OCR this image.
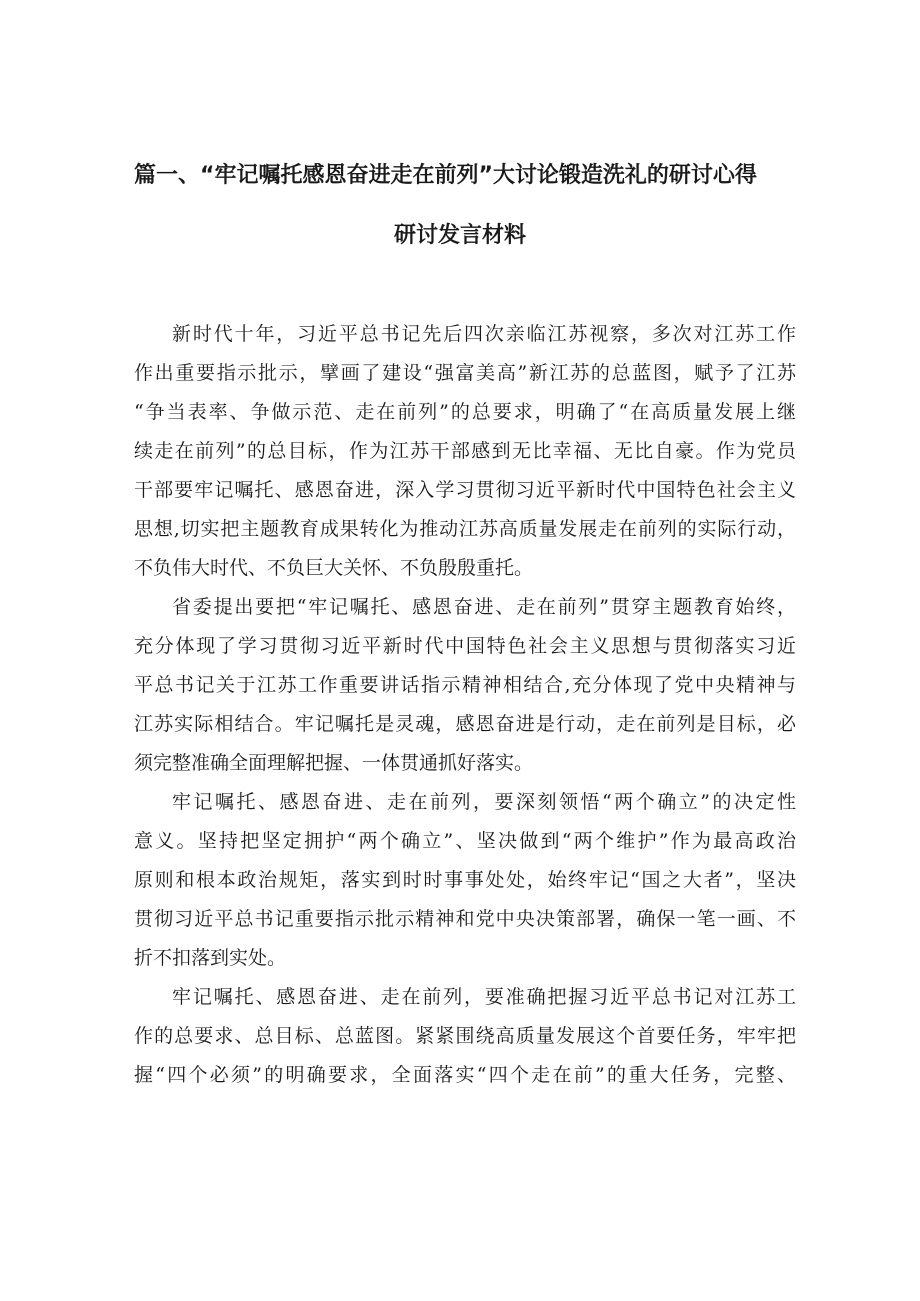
篇一、“牢记嘱托感恩奋进走在前列”大讨论锻造洗礼的研讨心得
研讨发言材料
新时代十年，习近平总书记先后四次亲临江苏视察，多次对江苏工作
作出重要指示批示，擘画了建设“强富美高”新江苏的总蓝图，赋予了江苏
“争当表率、争做示范、走在前列”的总要求，明确了“在高质量发展上继
续走在前列”的总目标，作为江苏干部感到无比幸福、无比自豪。作为党员
干部要牢记嘱托、感恩奋进，深入学习贯彻习近平新时代中国特色社会主义
思想,切实把主题教育成果转化为推动江苏高质量发展走在前列的实际行动，
不负伟大时代、不负巨大关怀、不负殷殷重托。
省委提出要把“牢记嘱托、感恩奋进、走在前列”贯穿主题教育始终，
充分体现了学习贯彻习近平新时代中国特色社会主义思想与贯彻落实习近
平总书记关于江苏工作重要讲话指示精神相结合,充分体现了党中央精神与
江苏实际相结合。牢记嘱托是灵魂，感恩奋进是行动，走在前列是目标，必
须完整准确全面理解把握、一体贯通抓好落实。
牢记嘱托、感恩奋进、走在前列，要深刻领悟“两个确立”的决定性
意义。坚持把坚定拥护“两个确立”、坚决做到“两个维护”作为最高政治
原则和根本政治规矩，落实到时时事事处处，始终牢记“国之大者”，坚决
贯彻习近平总书记重要指示批示精神和党中央决策部署，确保一笔一画、不
折不扣落到实处。
牢记嘱托、感恩奋进、走在前列，要准确把握习近平总书记对江苏工
作的总要求、总目标、总蓝图。紧紧围绕高质量发展这个首要任务，牢牢把
握“四个必须”的明确要求，全面落实“四个走在前”的重大任务，完整、
